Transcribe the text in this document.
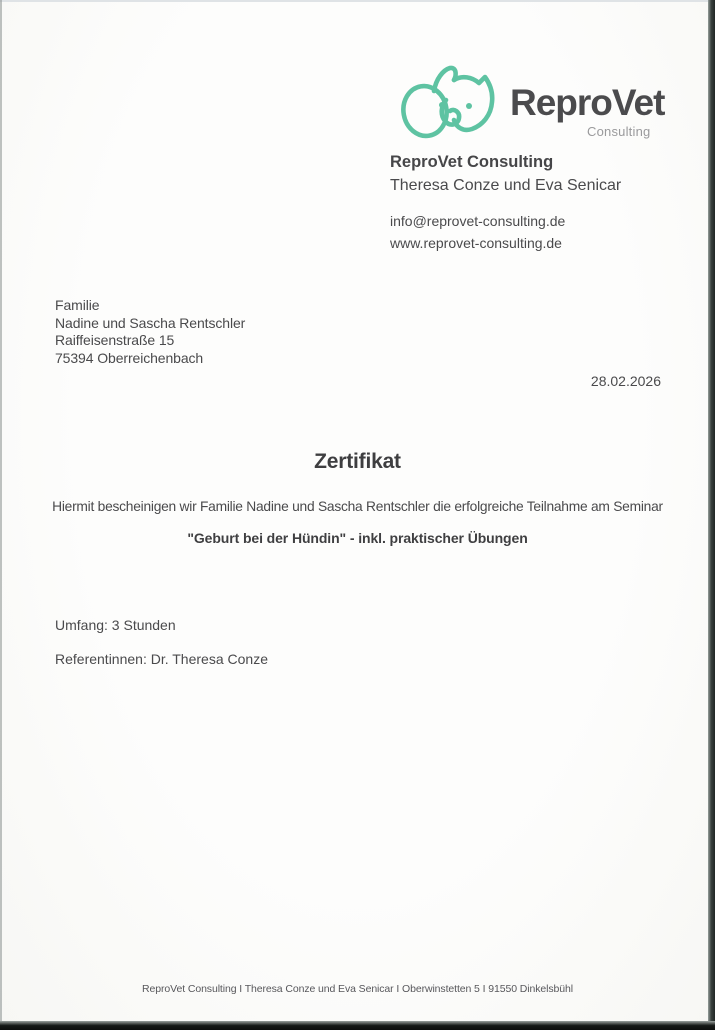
ReproVet
Consulting
ReproVet Consulting
Theresa Conze und Eva Senicar
info@reprovet-consulting.de
www.reprovet-consulting.de
Familie
Nadine und Sascha Rentschler
Raiffeisenstraße 15
75394 Oberreichenbach
28.02.2026
Zertifikat
Hiermit bescheinigen wir Familie Nadine und Sascha Rentschler die erfolgreiche Teilnahme am Seminar
"Geburt bei der Hündin" - inkl. praktischer Übungen
Umfang: 3 Stunden
Referentinnen: Dr. Theresa Conze
ReproVet Consulting I Theresa Conze und Eva Senicar I Oberwinstetten 5 I 91550 Dinkelsbühl
